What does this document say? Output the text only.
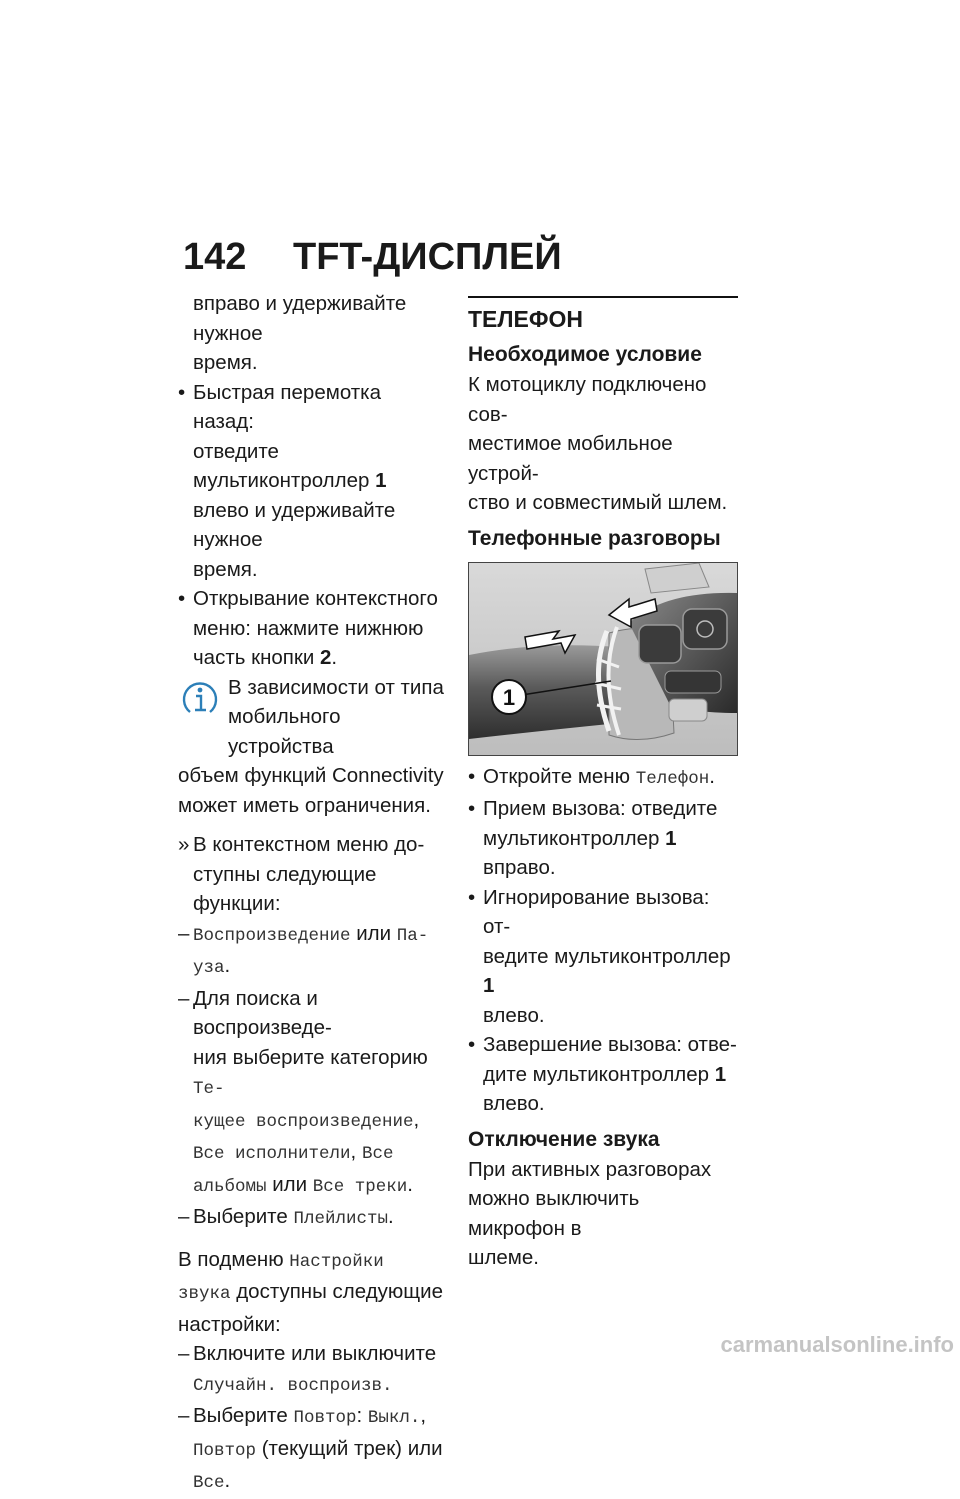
142 TFT-ДИСПЛЕЙ
вправо и удерживайте нужное
время.
• Быстрая перемотка назад:
отведите мультиконтроллер 1
влево и удерживайте нужное
время.
• Открывание контекстного
меню: нажмите нижнюю
часть кнопки 2.
В зависимости от типа
мобильного устройства
объем функций Connectivity
может иметь ограничения.
» В контекстном меню до-
ступны следующие функции:
– Воспроизведение или Па-
уза.
– Для поиска и воспроизведе-
ния выберите категорию Те-
кущее воспроизведение,
Все исполнители, Все
альбомы или Все треки.
– Выберите Плейлисты.
В подменю Настройки
звука доступны следующие
настройки:
– Включите или выключите
Случайн. воспроизв.
– Выберите Повтор: Выкл.,
Повтор (текущий трек) или
Все.
ТЕЛЕФОН
Необходимое условие
К мотоциклу подключено сов-
местимое мобильное устрой-
ство и совместимый шлем.
Телефонные разговоры
1
• Откройте меню Телефон.
• Прием вызова: отведите
мультиконтроллер 1 вправо.
• Игнорирование вызова: от-
ведите мультиконтроллер 1
влево.
• Завершение вызова: отве-
дите мультиконтроллер 1
влево.
Отключение звука
При активных разговорах
можно выключить микрофон в
шлеме.
carmanualsonline.info
